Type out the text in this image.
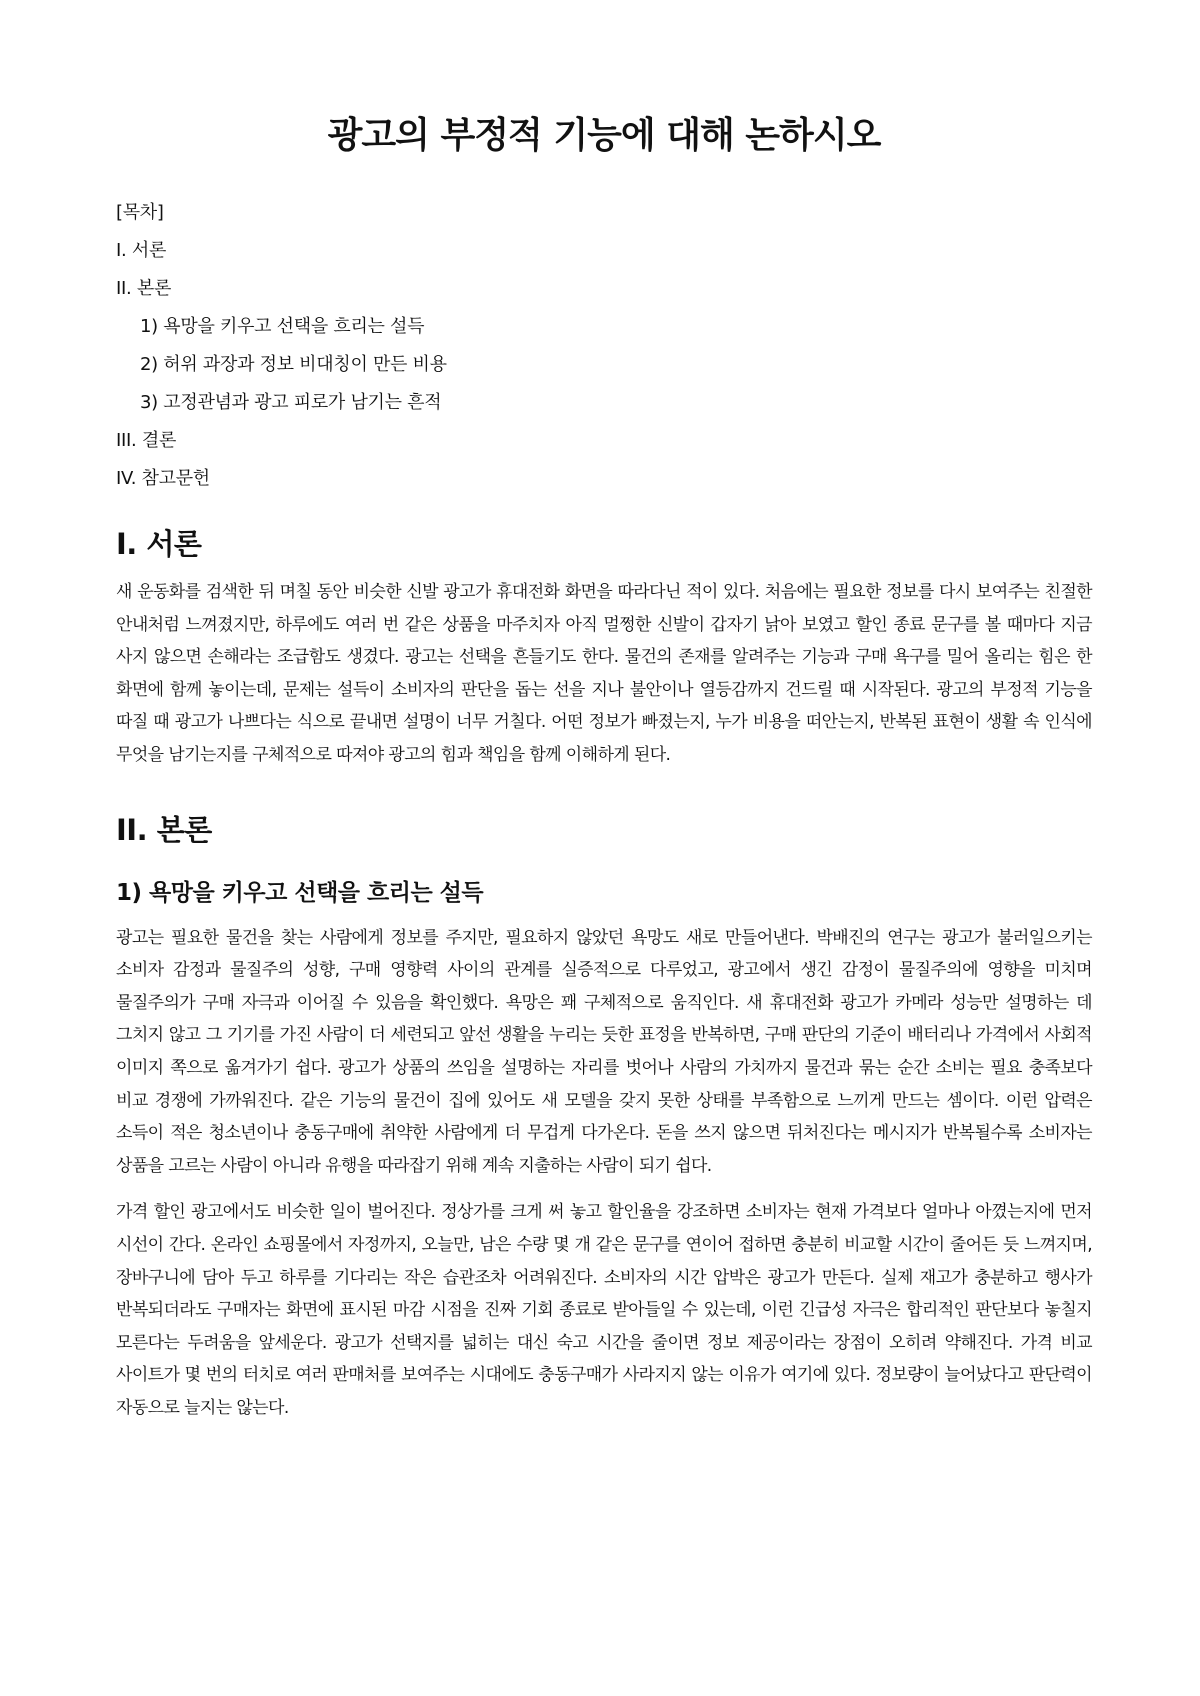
광고의 부정적 기능에 대해 논하시오
[목차]
I. 서론
II. 본론
1) 욕망을 키우고 선택을 흐리는 설득
2) 허위 과장과 정보 비대칭이 만든 비용
3) 고정관념과 광고 피로가 남기는 흔적
III. 결론
IV. 참고문헌
I. 서론

새 운동화를 검색한 뒤 며칠 동안 비슷한 신발 광고가 휴대전화 화면을 따라다닌 적이 있다. 처음에는 필요한 정보를 다시 보여주는 친절한 안내처럼 느껴졌지만, 하루에도 여러 번 같은 상품을 마주치자 아직 멀쩡한 신발이 갑자기 낡아 보였고 할인 종료 문구를 볼 때마다 지금 사지 않으면 손해라는 조급함도 생겼다. 광고는 선택을 흔들기도 한다. 물건의 존재를 알려주는 기능과 구매 욕구를 밀어 올리는 힘은 한 화면에 함께 놓이는데, 문제는 설득이 소비자의 판단을 돕는 선을 지나 불안이나 열등감까지 건드릴 때 시작된다. 광고의 부정적 기능을 따질 때 광고가 나쁘다는 식으로 끝내면 설명이 너무 거칠다. 어떤 정보가 빠졌는지, 누가 비용을 떠안는지, 반복된 표현이 생활 속 인식에 무엇을 남기는지를 구체적으로 따져야 광고의 힘과 책임을 함께 이해하게 된다.

II. 본론
1) 욕망을 키우고 선택을 흐리는 설득

광고는 필요한 물건을 찾는 사람에게 정보를 주지만, 필요하지 않았던 욕망도 새로 만들어낸다. 박배진의 연구는 광고가 불러일으키는 소비자 감정과 물질주의 성향, 구매 영향력 사이의 관계를 실증적으로 다루었고, 광고에서 생긴 감정이 물질주의에 영향을 미치며 물질주의가 구매 자극과 이어질 수 있음을 확인했다. 욕망은 꽤 구체적으로 움직인다. 새 휴대전화 광고가 카메라 성능만 설명하는 데 그치지 않고 그 기기를 가진 사람이 더 세련되고 앞선 생활을 누리는 듯한 표정을 반복하면, 구매 판단의 기준이 배터리나 가격에서 사회적 이미지 쪽으로 옮겨가기 쉽다. 광고가 상품의 쓰임을 설명하는 자리를 벗어나 사람의 가치까지 물건과 묶는 순간 소비는 필요 충족보다 비교 경쟁에 가까워진다. 같은 기능의 물건이 집에 있어도 새 모델을 갖지 못한 상태를 부족함으로 느끼게 만드는 셈이다. 이런 압력은 소득이 적은 청소년이나 충동구매에 취약한 사람에게 더 무겁게 다가온다. 돈을 쓰지 않으면 뒤처진다는 메시지가 반복될수록 소비자는 상품을 고르는 사람이 아니라 유행을 따라잡기 위해 계속 지출하는 사람이 되기 쉽다.

가격 할인 광고에서도 비슷한 일이 벌어진다. 정상가를 크게 써 놓고 할인율을 강조하면 소비자는 현재 가격보다 얼마나 아꼈는지에 먼저 시선이 간다. 온라인 쇼핑몰에서 자정까지, 오늘만, 남은 수량 몇 개 같은 문구를 연이어 접하면 충분히 비교할 시간이 줄어든 듯 느껴지며, 장바구니에 담아 두고 하루를 기다리는 작은 습관조차 어려워진다. 소비자의 시간 압박은 광고가 만든다. 실제 재고가 충분하고 행사가 반복되더라도 구매자는 화면에 표시된 마감 시점을 진짜 기회 종료로 받아들일 수 있는데, 이런 긴급성 자극은 합리적인 판단보다 놓칠지 모른다는 두려움을 앞세운다. 광고가 선택지를 넓히는 대신 숙고 시간을 줄이면 정보 제공이라는 장점이 오히려 약해진다. 가격 비교 사이트가 몇 번의 터치로 여러 판매처를 보여주는 시대에도 충동구매가 사라지지 않는 이유가 여기에 있다. 정보량이 늘어났다고 판단력이 자동으로 늘지는 않는다.
